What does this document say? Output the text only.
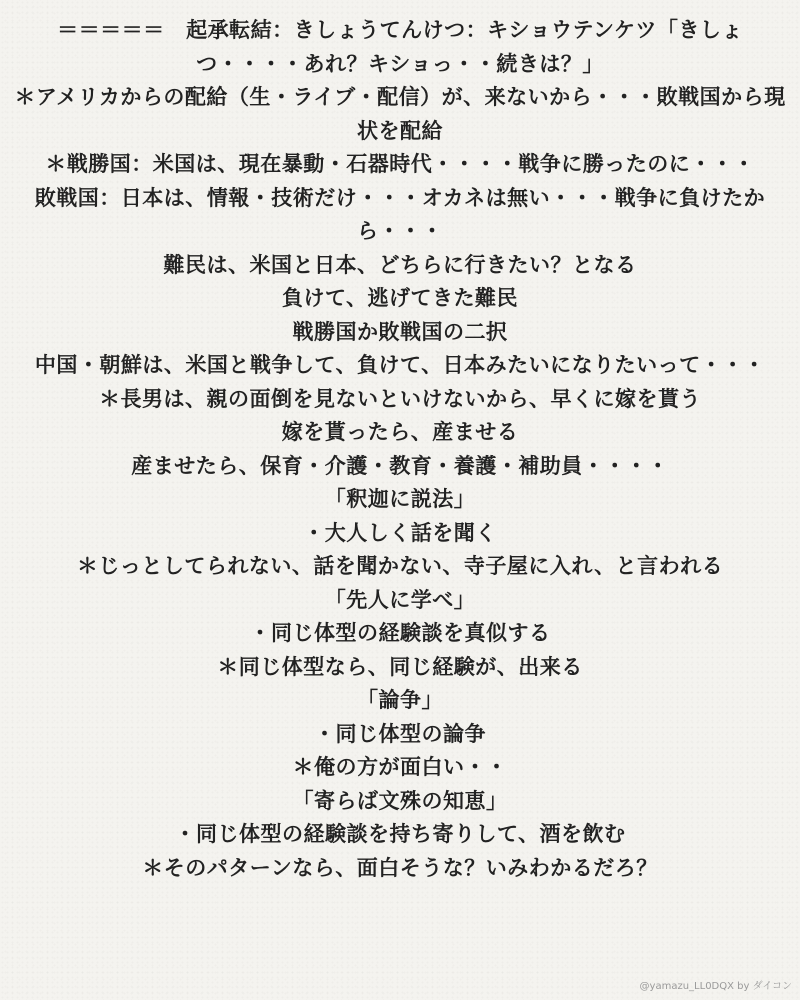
＝＝＝＝＝　起承転結：きしょうてんけつ：キショウテンケツ「きしょつ・・・・あれ？キショっ・・続きは？」
＊アメリカからの配給（生・ライブ・配信）が、来ないから・・・敗戦国から現状を配給
＊戦勝国：米国は、現在暴動・石器時代・・・・戦争に勝ったのに・・・
敗戦国：日本は、情報・技術だけ・・・オカネは無い・・・戦争に負けたから・・・
難民は、米国と日本、どちらに行きたい？となる
負けて、逃げてきた難民
戦勝国か敗戦国の二択
中国・朝鮮は、米国と戦争して、負けて、日本みたいになりたいって・・・
＊長男は、親の面倒を見ないといけないから、早くに嫁を貰う
嫁を貰ったら、産ませる
産ませたら、保育・介護・教育・養護・補助員・・・・
「釈迦に説法」
・大人しく話を聞く
＊じっとしてられない、話を聞かない、寺子屋に入れ、と言われる
「先人に学べ」
・同じ体型の経験談を真似する
＊同じ体型なら、同じ経験が、出来る
「論争」
・同じ体型の論争
＊俺の方が面白い・・
「寄らば文殊の知恵」
・同じ体型の経験談を持ち寄りして、酒を飲む
＊そのパターンなら、面白そうな？いみわかるだろ？

@yamazu_LL0DQX by ダイコン
